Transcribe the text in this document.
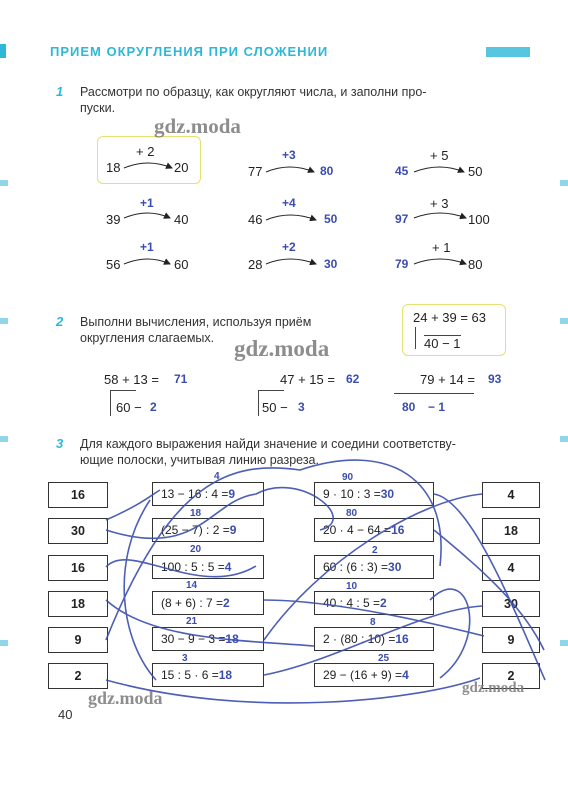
ПРИЕМ ОКРУГЛЕНИЯ ПРИ СЛОЖЕНИИ
1 Рассмотри по образцу, как округляют числа, и заполни про-
пуски.
+ 2
18	20
+3
77	80
+ 5
45	50
+1
39	40
+4
46	50
+ 3
97	100
+1
56	60
+2
28	30
+ 1
79	80
2 Выполни вычисления, используя приём
округления слагаемых.
24 + 39 = 63
40 − 1
58 + 13 = 71
60 − 2
47 + 15 = 62
50 − 3
79 + 14 = 93
80 − 1
3 Для каждого выражения найди значение и соедини соответству-
ющие полоски, учитывая линию разреза.
16
30
16
18
9
2
13 − 16 : 4 = 9
(25 − 7) : 2 = 9
100 : 5 : 5 = 4
(8 + 6) : 7 = 2
30 − 9 − 3 = 18
15 : 5 · 6 = 18
4
18
20
14
21
3
9 · 10 : 3 = 30
20 · 4 − 64 = 16
60 : (6 : 3) = 30
40 : 4 : 5 = 2
2 · (80 : 10) = 16
29 − (16 + 9) = 4
90
80
2
10
8
25
4
18
4
30
9
2
gdz.moda
gdz.moda
gdz.moda	gdz.moda
40
